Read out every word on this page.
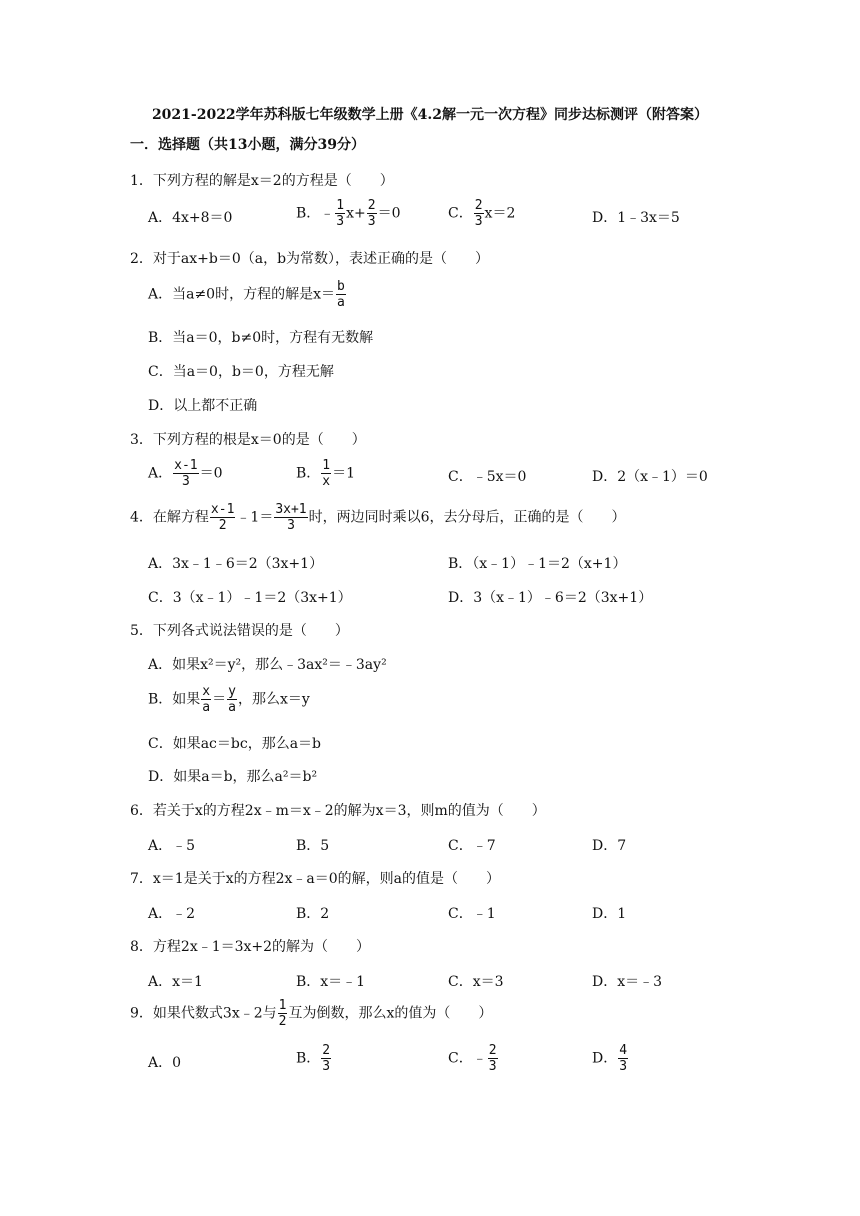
2021-2022学年苏科版七年级数学上册《4.2解一元一次方程》同步达标测评（附答案）
一．选择题（共13小题，满分39分）
1．下列方程的解是x＝2的方程是（　　）
A．4x+8＝0	B．﹣ $\frac{1}{3} x+ \frac{2}{3} =0$	C． $\frac{2}{3} x=2$	D．1﹣3x＝5
2．对于ax+b＝0（a，b为常数），表述正确的是（　　）
A．当a≠0时，方程的解是$x= \frac{b}{a}$
B．当a＝0，b≠0时，方程有无数解
C．当a＝0，b＝0，方程无解
D．以上都不正确
3．下列方程的根是x＝0的是（　　）
A． $\frac{x-1}{3} =0$	B． $\frac{1}{x} =1$	C．﹣5x＝0	D．2（x﹣1）＝0
4．在解方程 $\frac{x-1}{2}$ ﹣1＝ $\frac{3x+1}{3}$ 时，两边同时乘以6，去分母后，正确的是（　　）
A．3x﹣1﹣6＝2（3x+1）	B．（x﹣1）﹣1＝2（x+1）
C．3（x﹣1）﹣1＝2（3x+1）	D．3（x﹣1）﹣6＝2（3x+1）
5．下列各式说法错误的是（　　）
A．如果x²＝y²，那么﹣3ax²＝﹣3ay²
B．如果 $\frac{x}{a} = \frac{y}{a}$ ，那么x＝y
C．如果ac＝bc，那么a＝b
D．如果a＝b，那么a²＝b²
6．若关于x的方程2x﹣m＝x﹣2的解为x＝3，则m的值为（　　）
A．﹣5	B．5	C．﹣7	D．7
7．x＝1是关于x的方程2x﹣a＝0的解，则a的值是（　　）
A．﹣2	B．2	C．﹣1	D．1
8．方程2x﹣1＝3x+2的解为（　　）
A．x＝1	B．x＝﹣1	C．x＝3	D．x＝﹣3
9．如果代数式3x﹣2与 $\frac{1}{2}$ 互为倒数，那么x的值为（　　）
A．0	B． $\frac{2}{3}$	C．﹣ $\frac{2}{3}$	D． $\frac{4}{3}$
